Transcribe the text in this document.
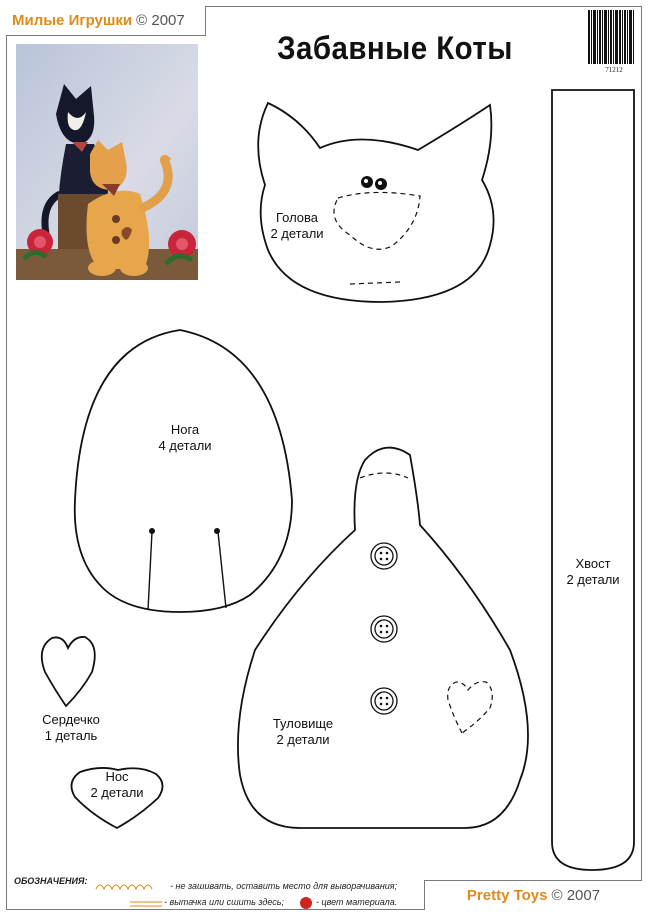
Милые Игрушки © 2007
Забавные Коты
71212
Голова
2 детали
Нога
4 детали
Хвост
2 детали
Туловище
2 детали
Сердечко
1 деталь
Нос
2 детали
ОБОЗНАЧЕНИЯ:	- не зашивать, оставить место для выворачивания;
- вытачка или сшить здесь;	- цвет материала.	Pretty Toys © 2007
